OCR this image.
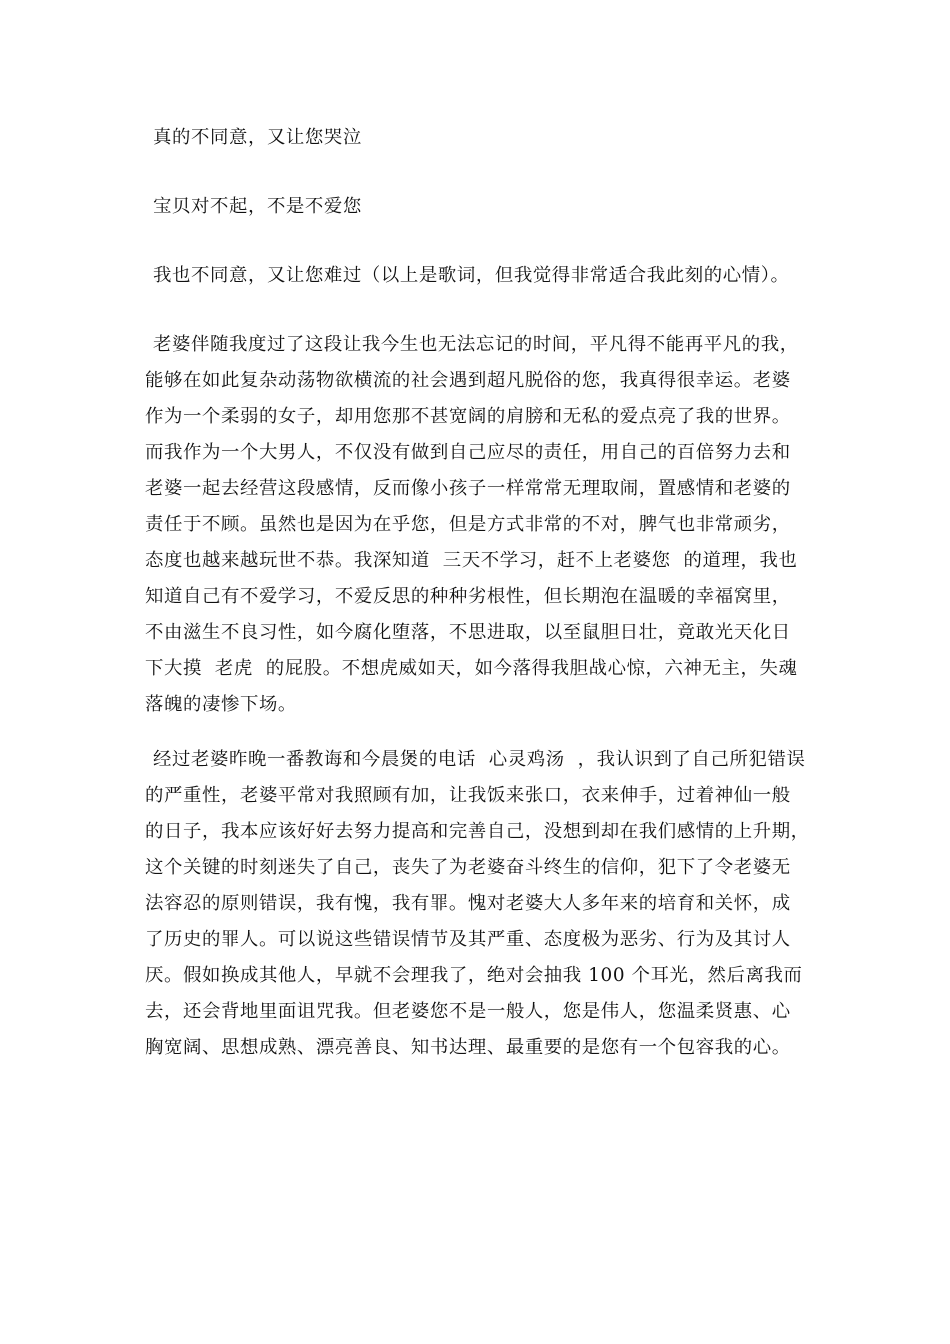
真的不同意，又让您哭泣
宝贝对不起，不是不爱您
我也不同意，又让您难过（以上是歌词，但我觉得非常适合我此刻的心情）。
老婆伴随我度过了这段让我今生也无法忘记的时间，平凡得不能再平凡的我，
能够在如此复杂动荡物欲横流的社会遇到超凡脱俗的您，我真得很幸运。老婆
作为一个柔弱的女子，却用您那不甚宽阔的肩膀和无私的爱点亮了我的世界。
而我作为一个大男人，不仅没有做到自己应尽的责任，用自己的百倍努力去和
老婆一起去经营这段感情，反而像小孩子一样常常无理取闹，置感情和老婆的
责任于不顾。虽然也是因为在乎您，但是方式非常的不对，脾气也非常顽劣，
态度也越来越玩世不恭。我深知道  三天不学习，赶不上老婆您  的道理，我也
知道自己有不爱学习，不爱反思的种种劣根性，但长期泡在温暖的幸福窝里，
不由滋生不良习性，如今腐化堕落，不思进取，以至鼠胆日壮，竟敢光天化日
下大摸  老虎  的屁股。不想虎威如天，如今落得我胆战心惊，六神无主，失魂
落魄的凄惨下场。
经过老婆昨晚一番教诲和今晨煲的电话  心灵鸡汤  ，我认识到了自己所犯错误
的严重性，老婆平常对我照顾有加，让我饭来张口，衣来伸手，过着神仙一般
的日子，我本应该好好去努力提高和完善自己，没想到却在我们感情的上升期，
这个关键的时刻迷失了自己，丧失了为老婆奋斗终生的信仰，犯下了令老婆无
法容忍的原则错误，我有愧，我有罪。愧对老婆大人多年来的培育和关怀，成
了历史的罪人。可以说这些错误情节及其严重、态度极为恶劣、行为及其讨人
厌。假如换成其他人，早就不会理我了，绝对会抽我 100 个耳光，然后离我而
去，还会背地里面诅咒我。但老婆您不是一般人，您是伟人，您温柔贤惠、心
胸宽阔、思想成熟、漂亮善良、知书达理、最重要的是您有一个包容我的心。
